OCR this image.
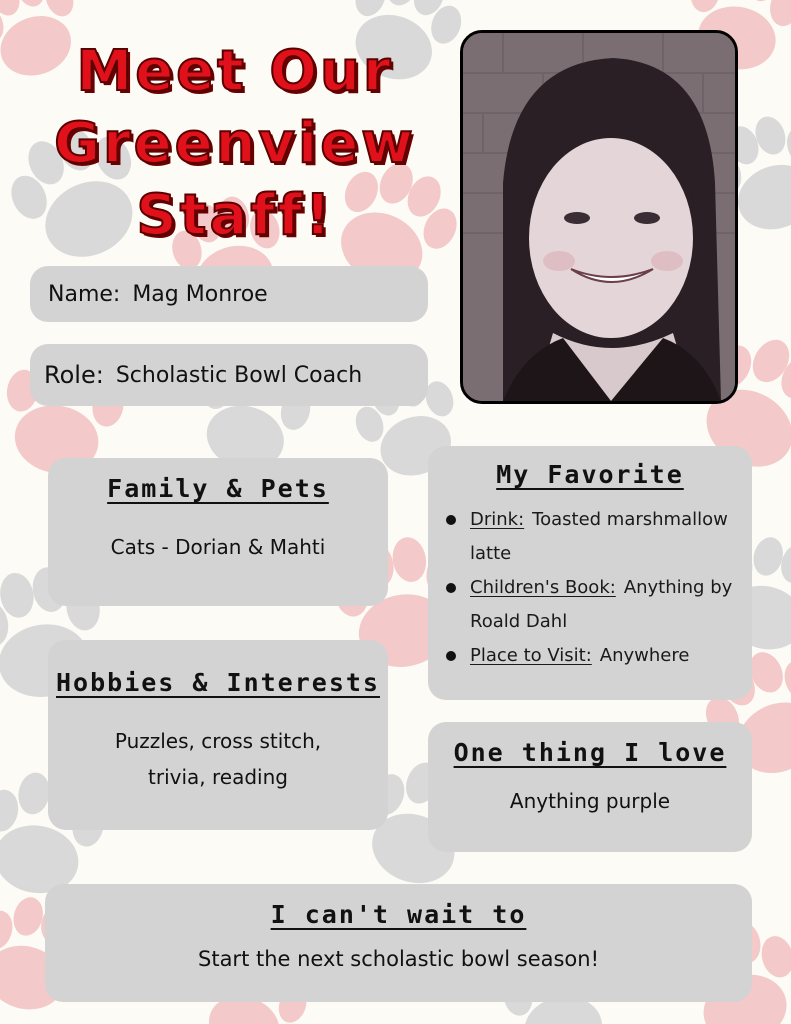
Meet Our
Greenview
Staff!
Name: Mag Monroe
Role: Scholastic Bowl Coach
Family & Pets
Cats - Dorian & Mahti
Hobbies & Interests
Puzzles, cross stitch,
trivia, reading
My Favorite
Drink: Toasted marshmallow latte
Children's Book: Anything by Roald Dahl
Place to Visit: Anywhere
One thing I love
Anything purple
I can't wait to
Start the next scholastic bowl season!
